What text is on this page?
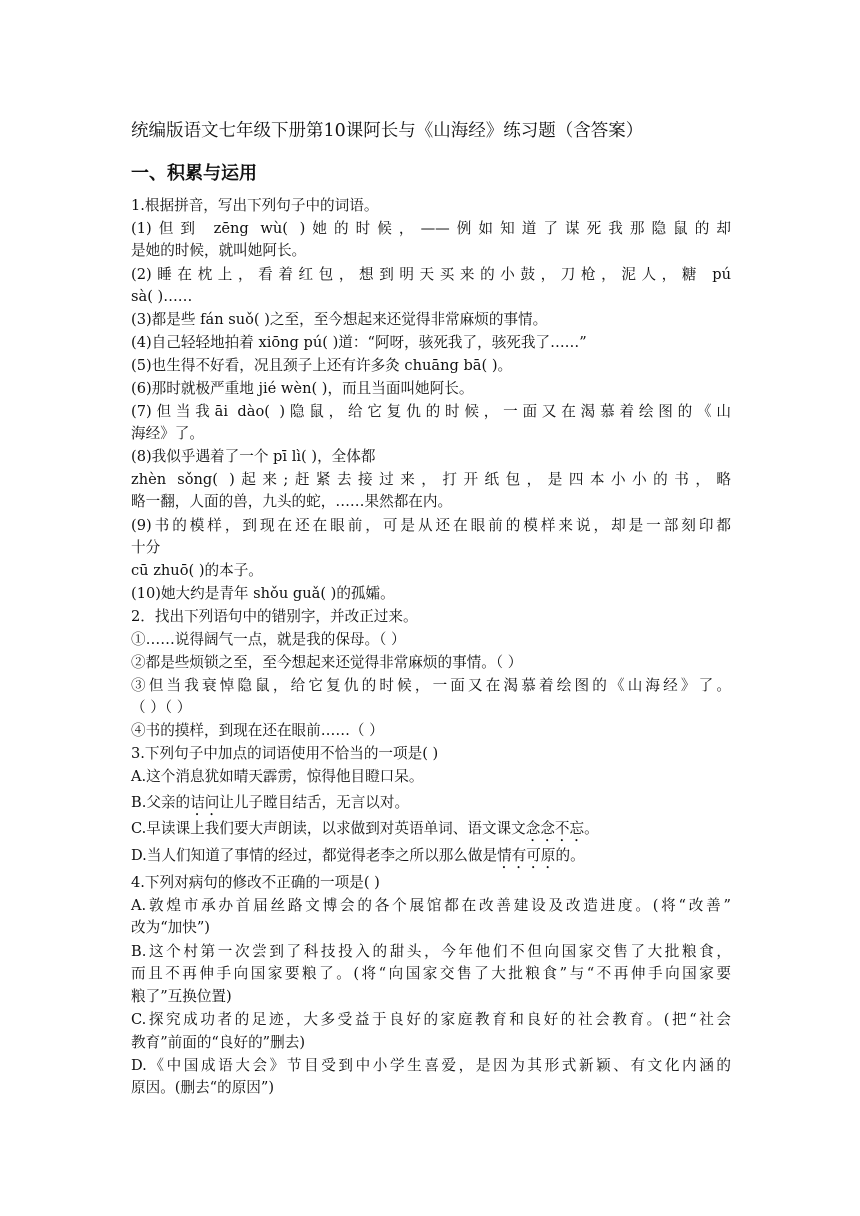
统编版语文七年级下册第10课阿长与《山海经》练习题（含答案）
一、积累与运用
1.根据拼音，写出下列句子中的词语。
(1)但到 zēng wù( )她的时候，——例如知道了谋死我那隐鼠的却
是她的时候，就叫她阿长。
(2)睡在枕上，看着红包，想到明天买来的小鼓，刀枪，泥人，糖 pú
sà( )……
(3)都是些 fán suǒ( )之至，至今想起来还觉得非常麻烦的事情。
(4)自己轻轻地拍着 xiōng pú( )道：“阿呀，骇死我了，骇死我了……”
(5)也生得不好看，况且颈子上还有许多灸 chuāng bā( )。
(6)那时就极严重地 jié wèn( )，而且当面叫她阿长。
(7)但当我āi dào( )隐鼠，给它复仇的时候，一面又在渴慕着绘图的《山
海经》了。
(8)我似乎遇着了一个 pī lì( )，全体都
zhèn sǒng( )起来;赶紧去接过来，打开纸包，是四本小小的书，略
略一翻，人面的兽，九头的蛇，……果然都在内。
(9)书的模样，到现在还在眼前，可是从还在眼前的模样来说，却是一部刻印都
十分
cū zhuō( )的本子。
(10)她大约是青年 shǒu guǎ( )的孤孀。
2．找出下列语句中的错别字，并改正过来。
①……说得阔气一点，就是我的保母。（ ）
②都是些烦锁之至，至今想起来还觉得非常麻烦的事情。（ ）
③但当我衰悼隐鼠，给它复仇的时候，一面又在渴慕着绘图的《山海经》了。
（ ）（ ）
④书的摸样，到现在还在眼前……（ ）
3.下列句子中加点的词语使用不恰当的一项是( )
A.这个消息犹如晴天霹雳，惊得他目瞪口呆。
B.父亲的诘问让儿子瞠目结舌，无言以对。
C.早读课上我们要大声朗读，以求做到对英语单词、语文课文念念不忘。
D.当人们知道了事情的经过，都觉得老李之所以那么做是情有可原的。
4.下列对病句的修改不正确的一项是( )
A.敦煌市承办首届丝路文博会的各个展馆都在改善建设及改造进度。(将“改善”
改为“加快”)
B.这个村第一次尝到了科技投入的甜头，今年他们不但向国家交售了大批粮食，
而且不再伸手向国家要粮了。(将“向国家交售了大批粮食”与“不再伸手向国家要
粮了”互换位置)
C.探究成功者的足迹，大多受益于良好的家庭教育和良好的社会教育。(把“社会
教育”前面的“良好的”删去)
D.《中国成语大会》节目受到中小学生喜爱，是因为其形式新颖、有文化内涵的
原因。(删去“的原因”)
